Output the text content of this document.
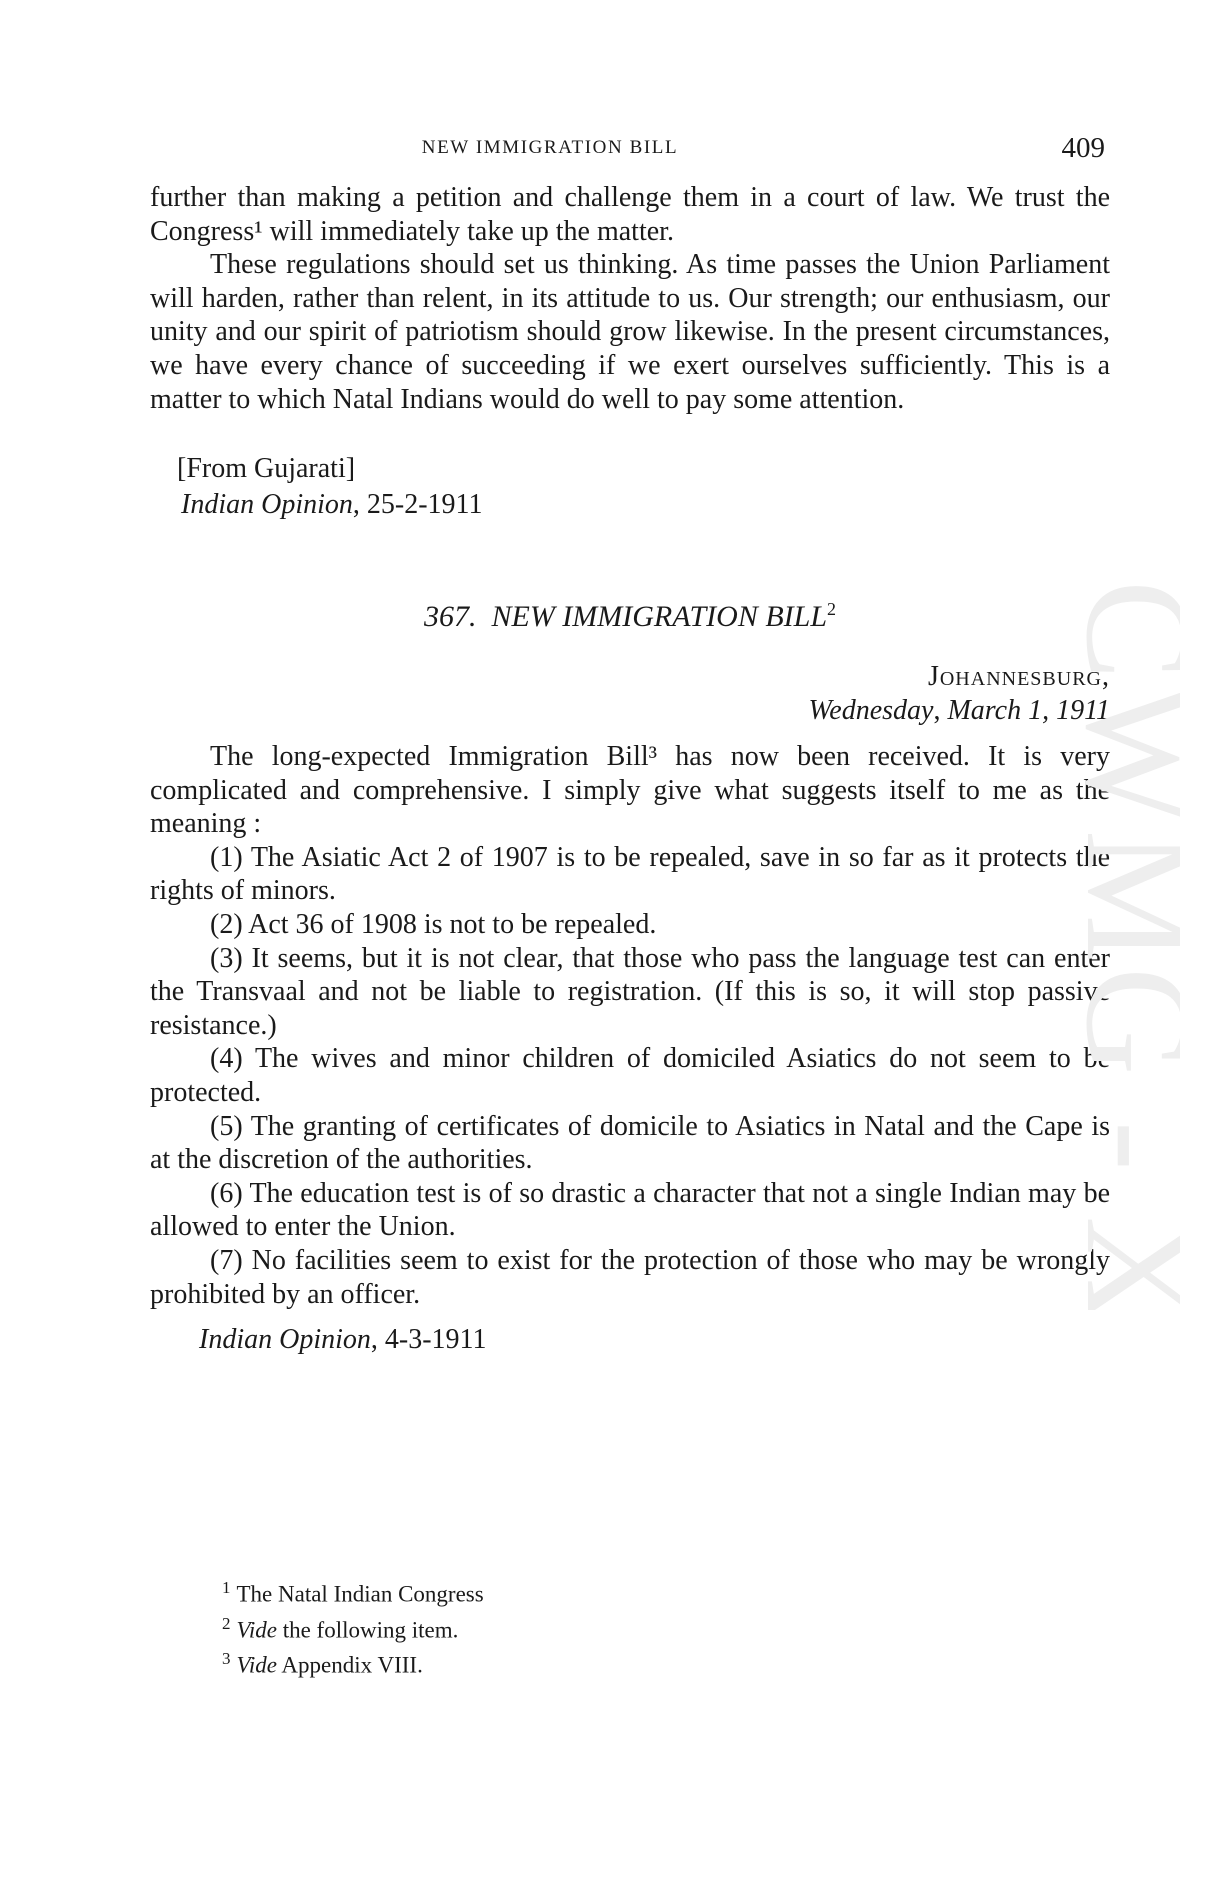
NEW IMMIGRATION BILL	409

further than making a petition and challenge them in a court of law. We trust the Congress¹ will immediately take up the matter.

These regulations should set us thinking. As time passes the Union Parliament will harden, rather than relent, in its attitude to us. Our strength; our enthusiasm, our unity and our spirit of patriotism should grow likewise. In the present circumstances, we have every chance of succeeding if we exert ourselves sufficiently. This is a matter to which Natal Indians would do well to pay some attention.

[From Gujarati]
Indian Opinion, 25-2-1911
367. NEW IMMIGRATION BILL$^2$
Johannesburg,
Wednesday, March 1, 1911

The long-expected Immigration Bill³ has now been received. It is very complicated and comprehensive. I simply give what suggests itself to me as the meaning :

(1) The Asiatic Act 2 of 1907 is to be repealed, save in so far as it protects the rights of minors.

(2) Act 36 of 1908 is not to be repealed.

(3) It seems, but it is not clear, that those who pass the language test can enter the Transvaal and not be liable to registration. (If this is so, it will stop passive resistance.)

(4) The wives and minor children of domiciled Asiatics do not seem to be protected.

(5) The granting of certificates of domicile to Asiatics in Natal and the Cape is at the discretion of the authorities.

(6) The education test is of so drastic a character that not a single Indian may be allowed to enter the Union.

(7) No facilities seem to exist for the protection of those who may be wrongly prohibited by an officer.

Indian Opinion, 4-3-1911
$^1$ The Natal Indian Congress
$^2$ Vide the following item.
$^3$ Vide Appendix VIII.
CWMG
